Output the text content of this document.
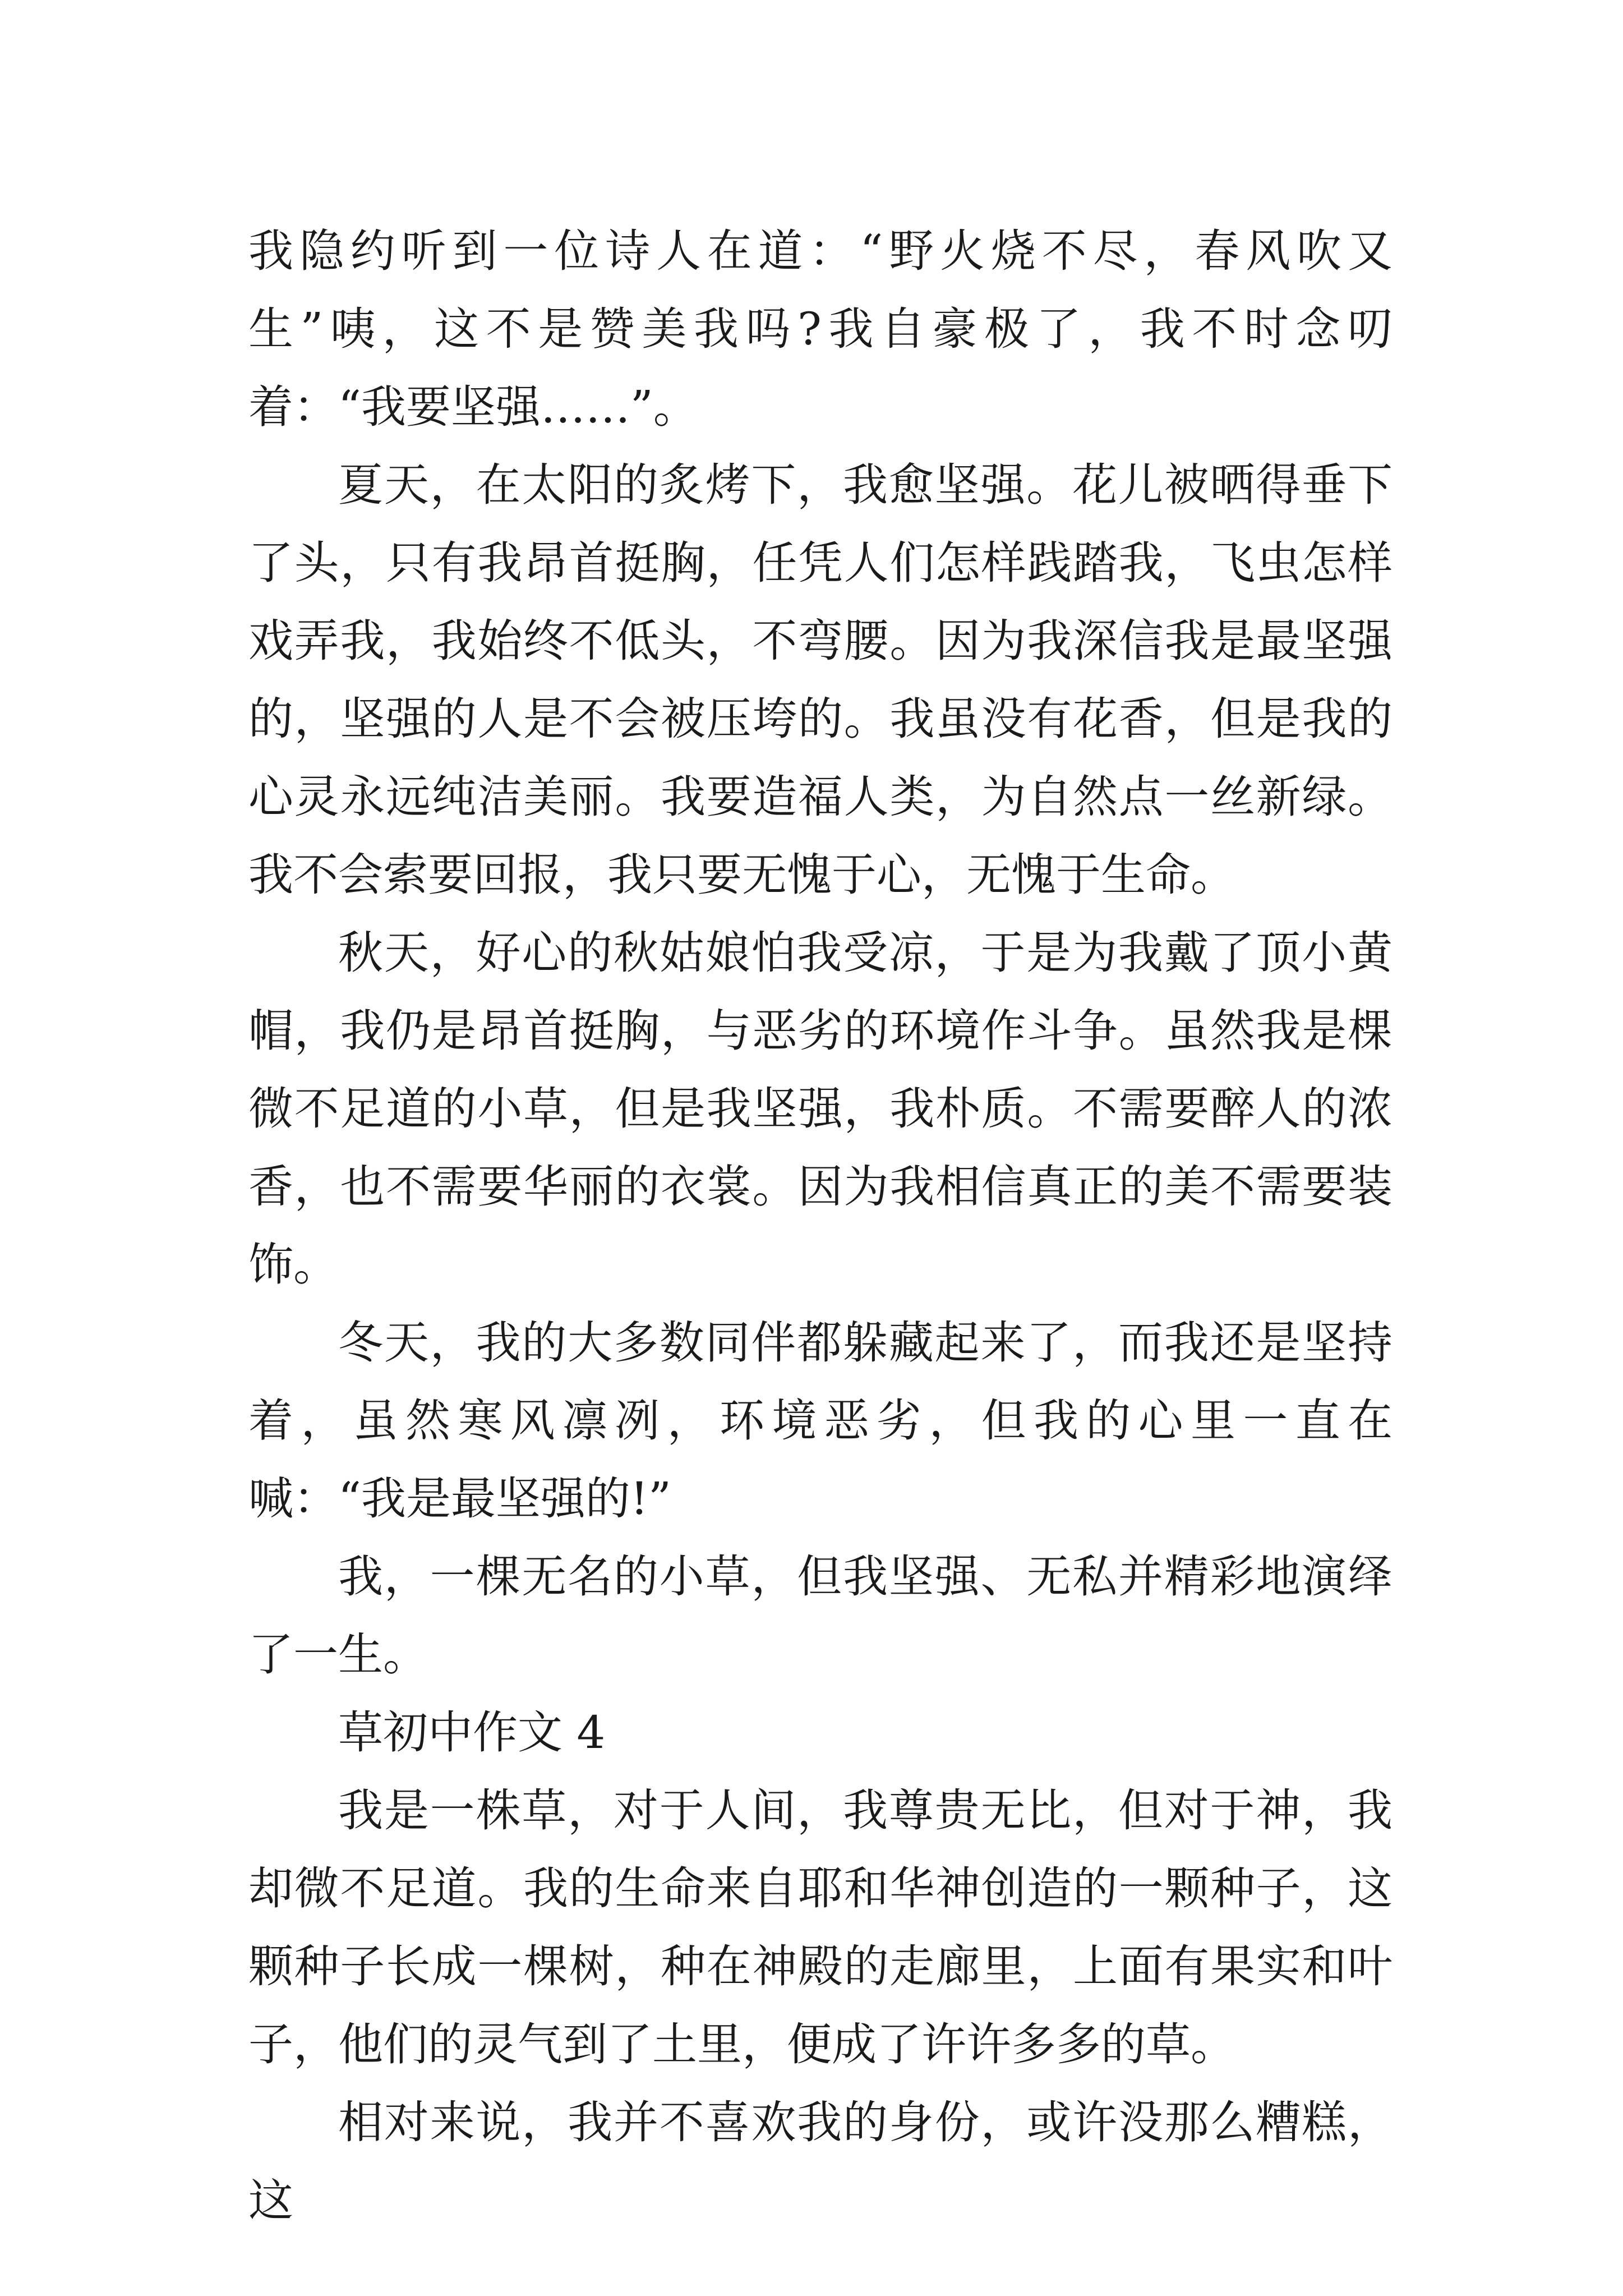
我隐约听到一位诗人在道：“野火烧不尽，春风吹又生”咦，这不是赞美我吗?我自豪极了，我不时念叨着：“我要坚强……”。

夏天，在太阳的炙烤下，我愈坚强。花儿被晒得垂下了头，只有我昂首挺胸，任凭人们怎样践踏我，飞虫怎样戏弄我，我始终不低头，不弯腰。因为我深信我是最坚强的，坚强的人是不会被压垮的。我虽没有花香，但是我的心灵永远纯洁美丽。我要造福人类，为自然点一丝新绿。我不会索要回报，我只要无愧于心，无愧于生命。

秋天，好心的秋姑娘怕我受凉，于是为我戴了顶小黄帽，我仍是昂首挺胸，与恶劣的环境作斗争。虽然我是棵微不足道的小草，但是我坚强，我朴质。不需要醉人的浓香，也不需要华丽的衣裳。因为我相信真正的美不需要装饰。

冬天，我的大多数同伴都躲藏起来了，而我还是坚持着，虽然寒风凛冽，环境恶劣，但我的心里一直在喊：“我是最坚强的!”

我，一棵无名的小草，但我坚强、无私并精彩地演绎了一生。

草初中作文 4

我是一株草，对于人间，我尊贵无比，但对于神，我却微不足道。我的生命来自耶和华神创造的一颗种子，这颗种子长成一棵树，种在神殿的走廊里，上面有果实和叶子，他们的灵气到了土里，便成了许许多多的草。

相对来说，我并不喜欢我的身份，或许没那么糟糕，这
